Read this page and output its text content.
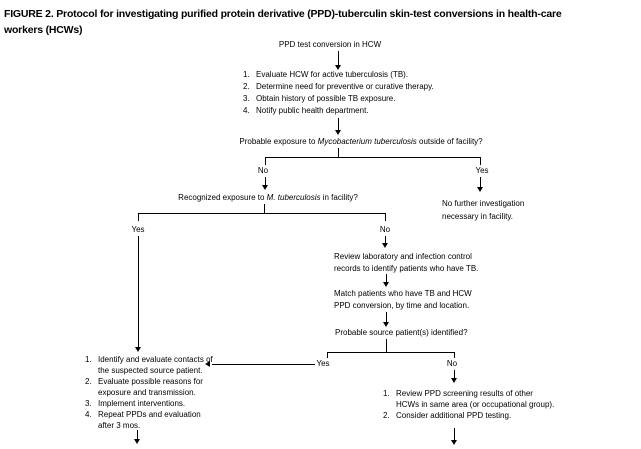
FIGURE 2. Protocol for investigating purified protein derivative (PPD)-tuberculin skin-test conversions in health-care
workers (HCWs)
PPD test conversion in HCW
1. Evaluate HCW for active tuberculosis (TB).
2. Determine need for preventive or curative therapy.
3. Obtain history of possible TB exposure.
4. Notify public health department.
Probable exposure to Mycobacterium tuberculosis outside of facility?
No	Yes
No further investigation
necessary in facility.
Recognized exposure to M. tuberculosis in facility?
Yes	No
Review laboratory and infection control
records to identify patients who have TB.
Match patients who have TB and HCW
PPD conversion, by time and location.
Probable source patient(s) identified?
Yes	No
1. Identify and evaluate contacts of
the suspected source patient.
2. Evaluate possible reasons for
exposure and transmission.
3. Implement interventions.
4. Repeat PPDs and evaluation
after 3 mos.
1. Review PPD screening results of other
HCWs in same area (or occupational group).
2. Consider additional PPD testing.
